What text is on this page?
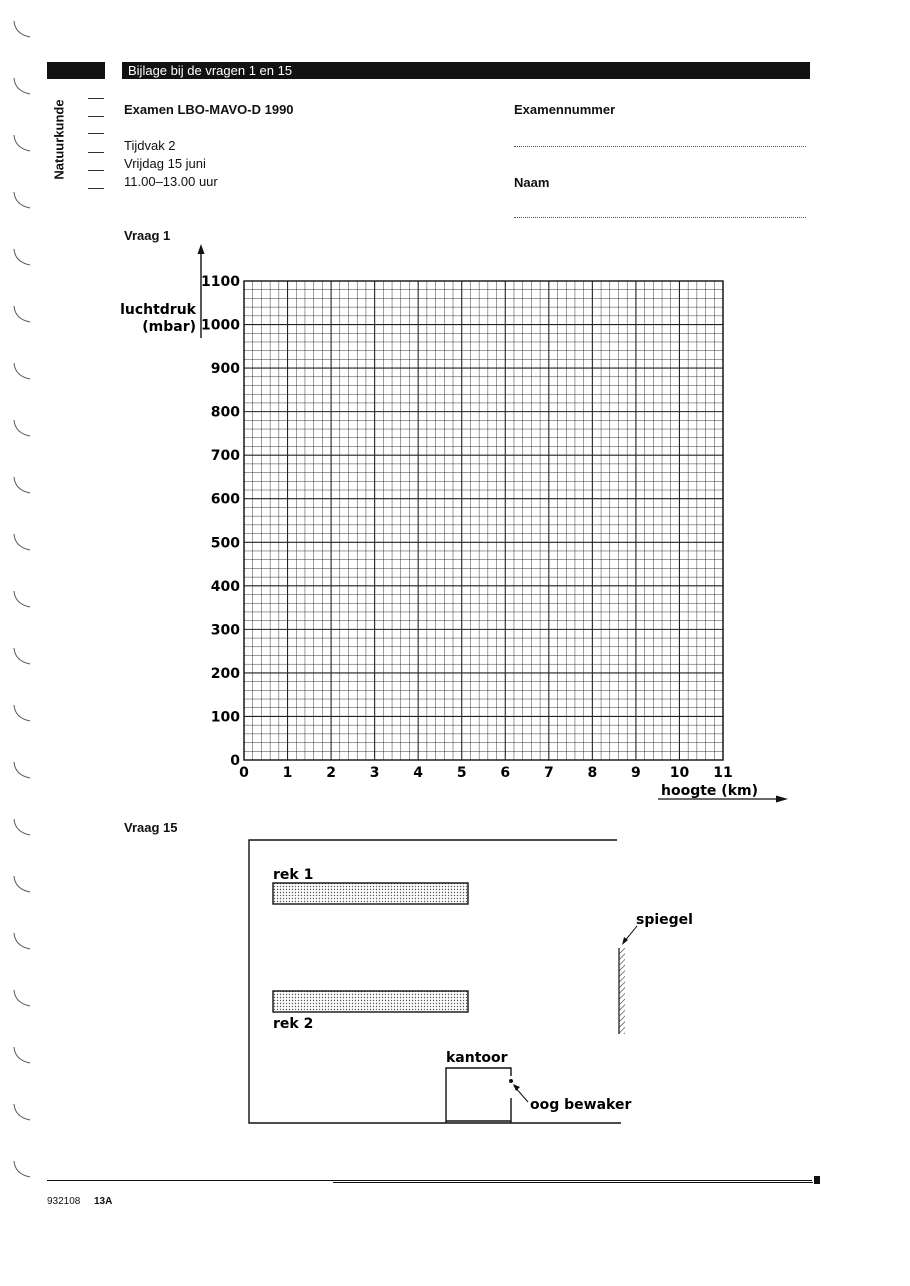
Bijlage bij de vragen 1 en 15
Natuurkunde	Examen LBO-MAVO-D 1990
Tijdvak 2
Vrijdag 15 juni
11.00–13.00 uur
Examennummer
Naam
Vraag 1
0
100
200
300
400
500
600
700
800
900
1000
1100
0 1 2 3 4 5 6 7 8 9 10 11
luchtdruk
(mbar)
hoogte (km)
Vraag 15
rek 1
rek 2
spiegel
kantoor
oog bewaker
932108 13A
